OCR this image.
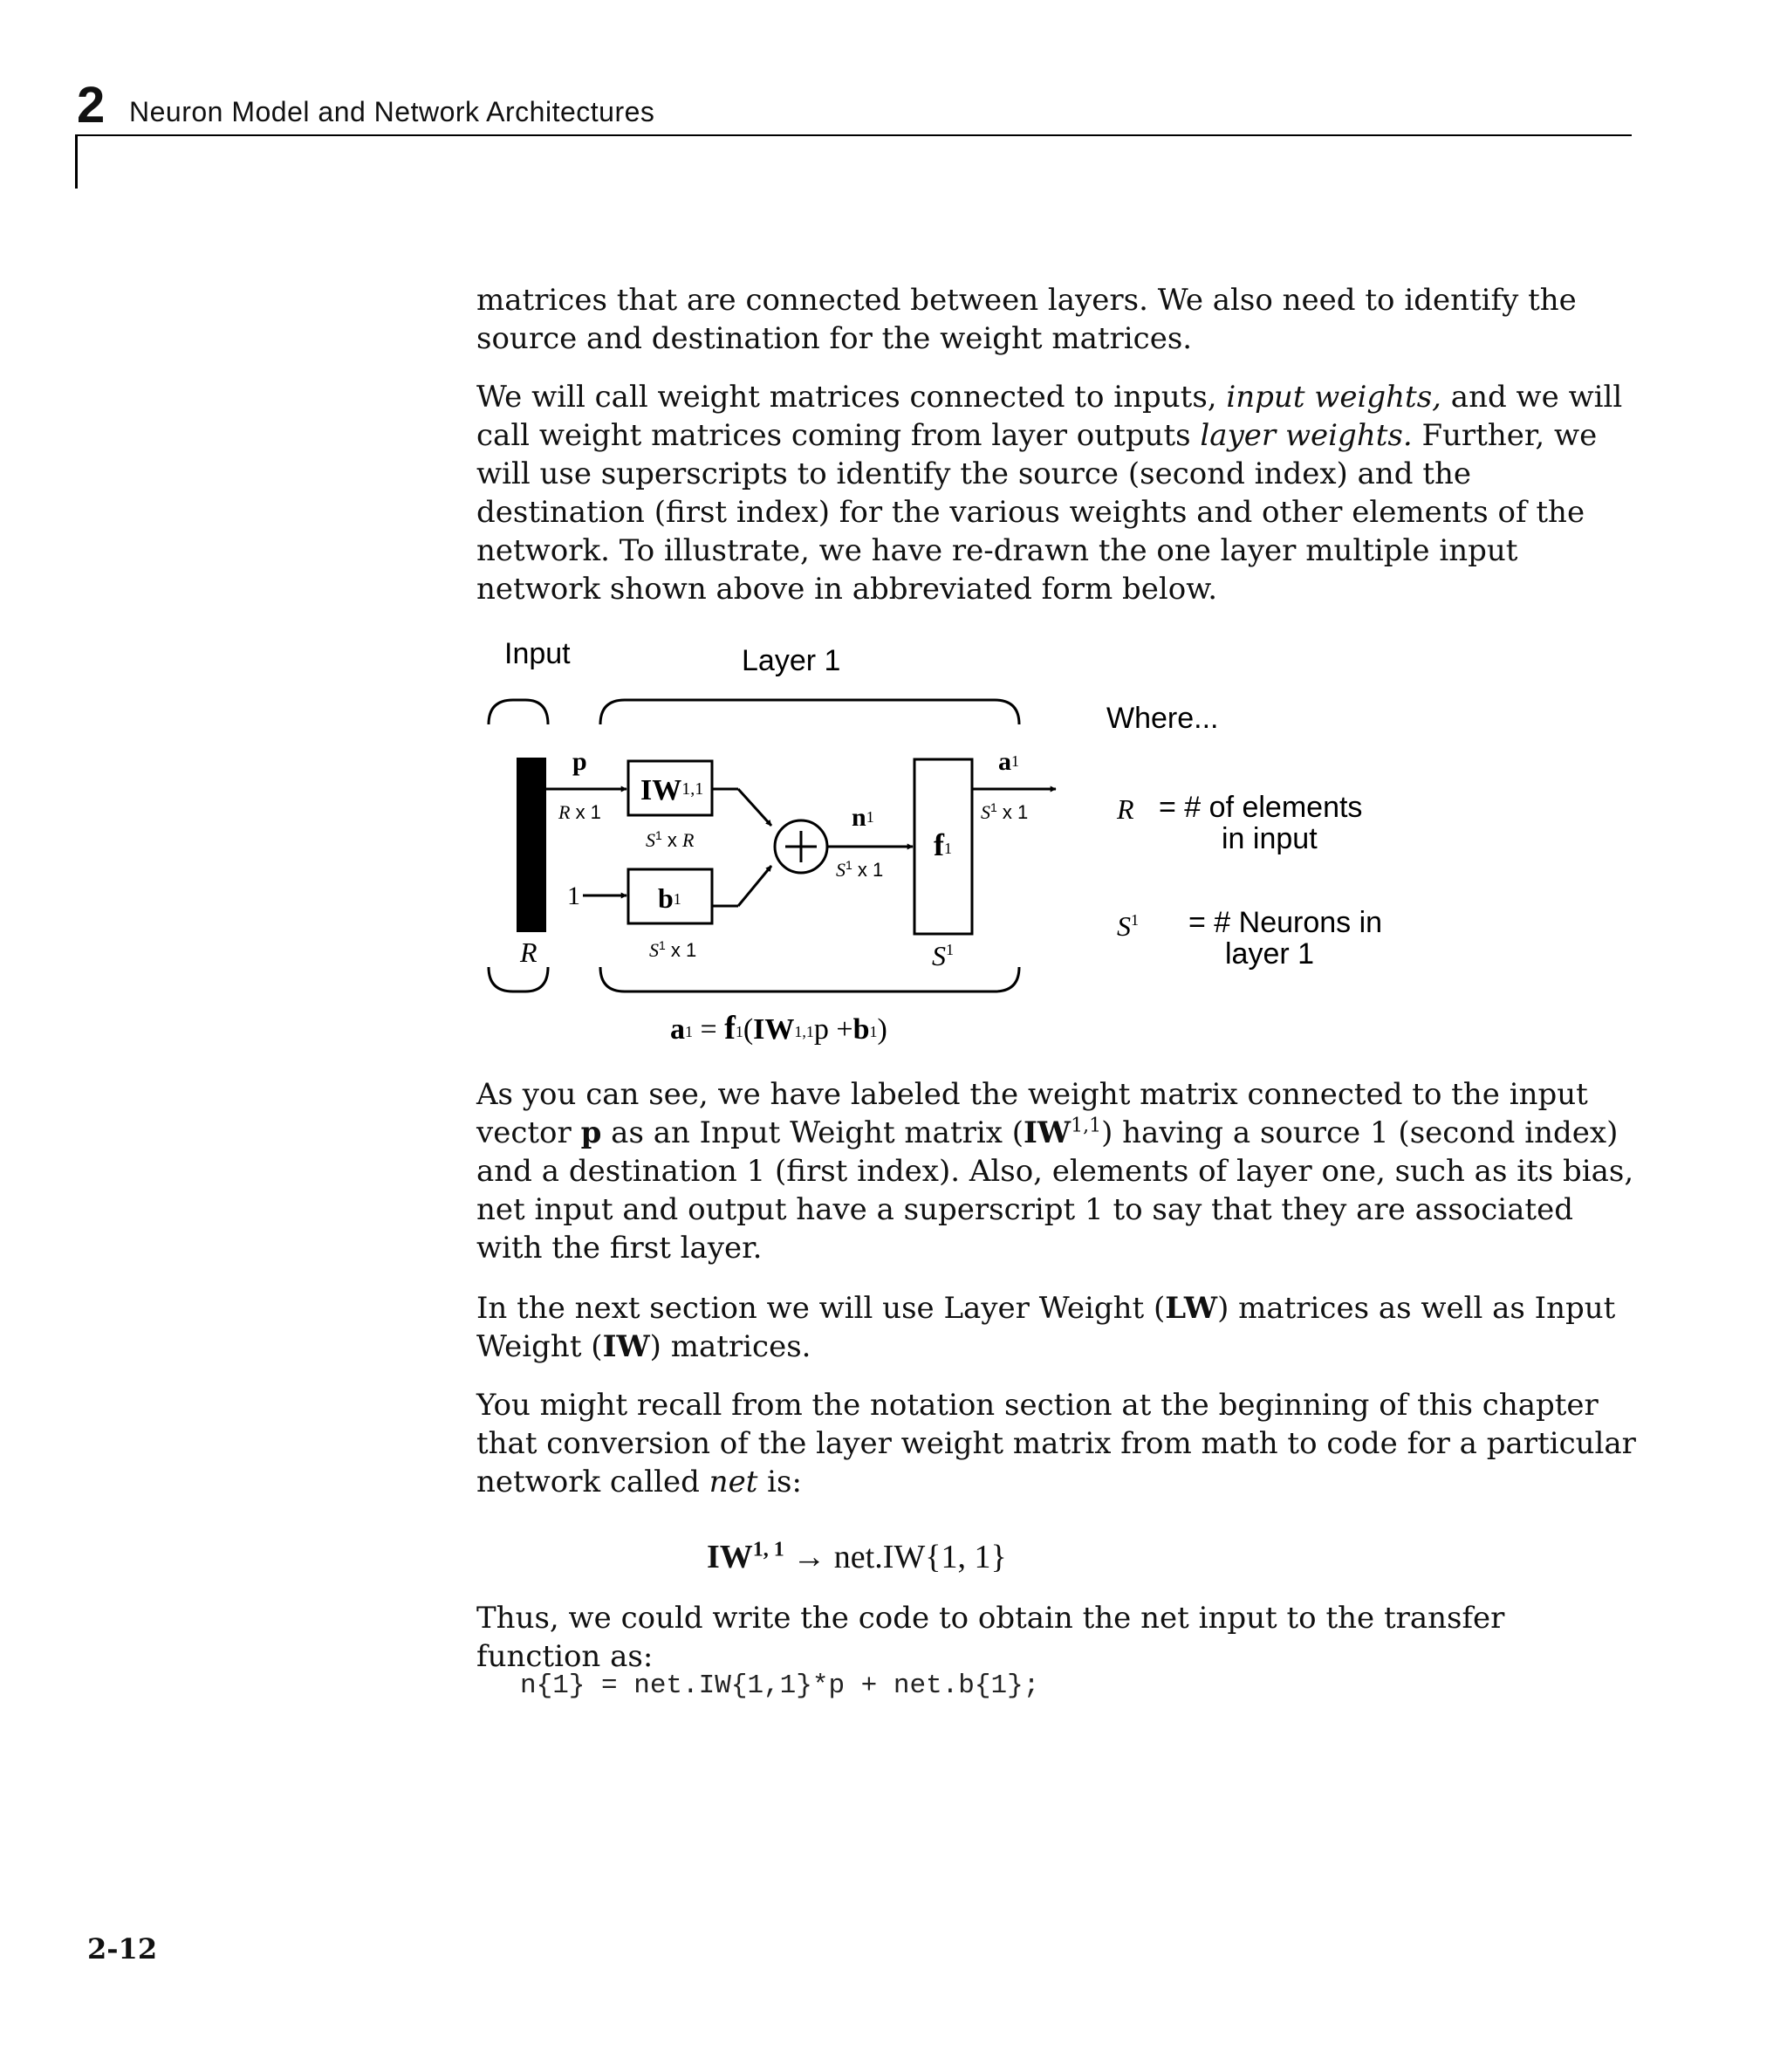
2 Neuron Model and Network Architectures

matrices that are connected between layers. We also need to identify the source and destination for the weight matrices.

We will call weight matrices connected to inputs, input weights, and we will call weight matrices coming from layer outputs layer weights. Further, we will use superscripts to identify the source (second index) and the destination (first index) for the various weights and other elements of the network. To illustrate, we have re-drawn the one layer multiple input network shown above in abbreviated form below.

Input	Layer 1
p
R x 1
IW1,1
$S^1$ x R
1	b1
$S^1$ x 1
n1
$S^1$ x 1
f1
a1
$S^1$ x 1
R	$S^1$
a1 = f1(IW1,1p +b1)
Where...
R = # of elements
in input
$S^1$ = # Neurons in
layer 1

As you can see, we have labeled the weight matrix connected to the input vector p as an Input Weight matrix (IW$^{1,1}$) having a source 1 (second index) and a destination 1 (first index). Also, elements of layer one, such as its bias, net input and output have a superscript 1 to say that they are associated with the first layer.

In the next section we will use Layer Weight (LW) matrices as well as Input Weight (IW) matrices.

You might recall from the notation section at the beginning of this chapter that conversion of the layer weight matrix from math to code for a particular network called net is:

IW$^{1, 1}$ → net.IW{1, 1}

Thus, we could write the code to obtain the net input to the transfer function as:

n{1} = net.IW{1,1}*p + net.b{1};
2-12
